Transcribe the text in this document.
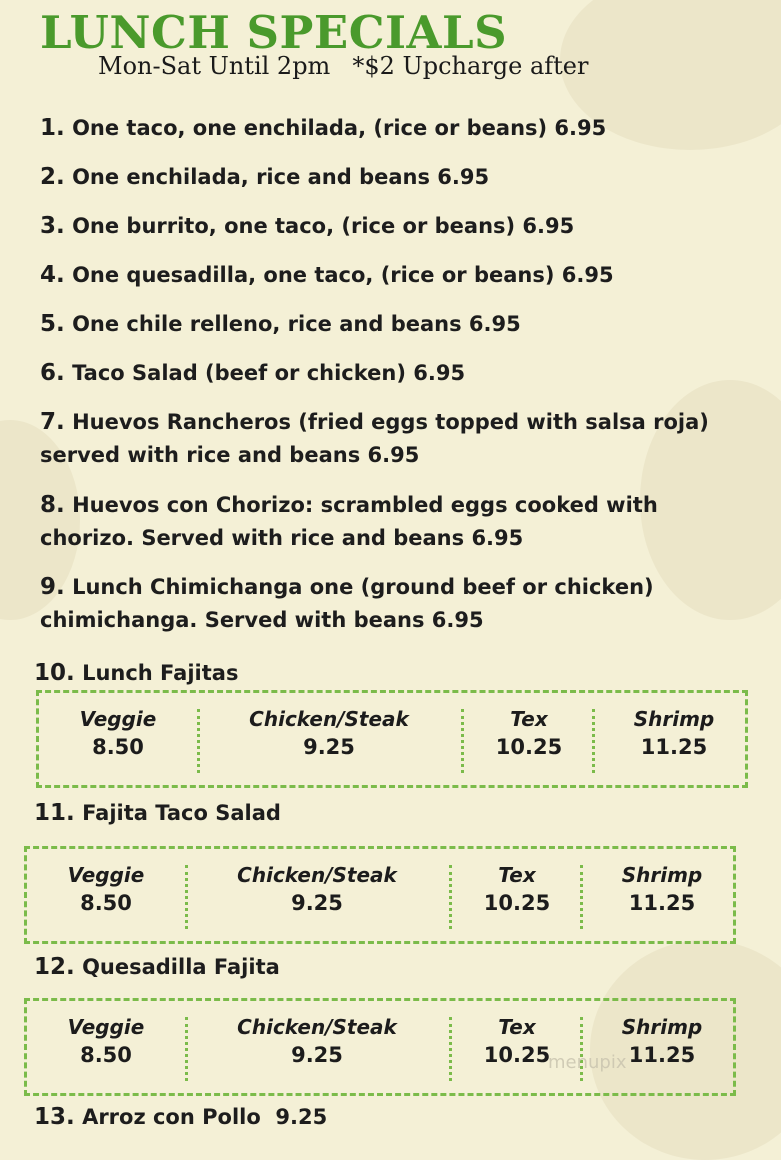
LUNCH SPECIALS
Mon-Sat Until 2pm *$2 Upcharge after
1. One taco, one enchilada, (rice or beans) 6.95
2. One enchilada, rice and beans 6.95
3. One burrito, one taco, (rice or beans) 6.95
4. One quesadilla, one taco, (rice or beans) 6.95
5. One chile relleno, rice and beans 6.95
6. Taco Salad (beef or chicken) 6.95
7. Huevos Rancheros (fried eggs topped with salsa roja) served with rice and beans 6.95
8. Huevos con Chorizo: scrambled eggs cooked with chorizo. Served with rice and beans 6.95
9. Lunch Chimichanga one (ground beef or chicken) chimichanga. Served with beans 6.95
10. Lunch Fajitas
Veggie
8.50
Chicken/Steak
9.25
Tex
10.25
Shrimp
11.25
11. Fajita Taco Salad
Veggie
8.50
Chicken/Steak
9.25
Tex
10.25
Shrimp
11.25
12. Quesadilla Fajita
Veggie
8.50
Chicken/Steak
9.25
Tex
10.25
Shrimp
11.25
13. Arroz con Pollo  9.25
menupix
